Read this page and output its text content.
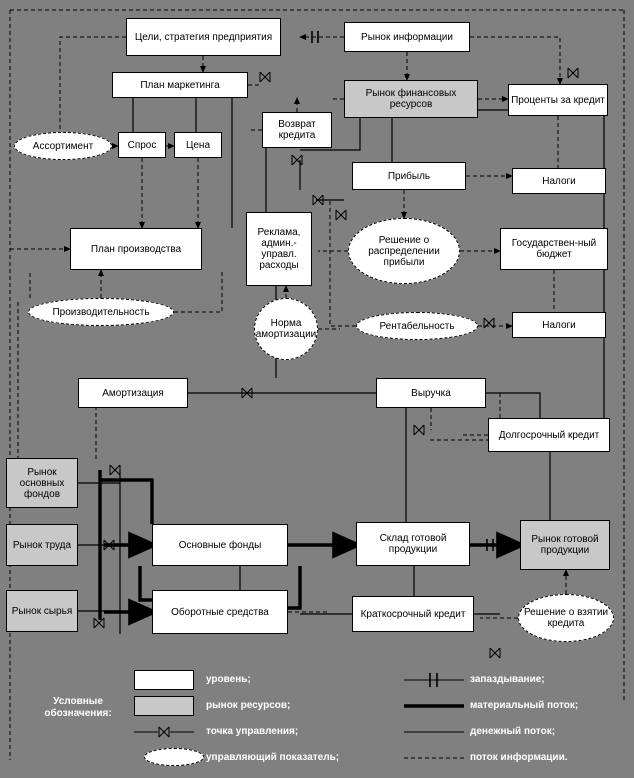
Цели, стратегия предприятия	Рынок информации
План маркетинга
Рынок финансовых ресурсов	Проценты за кредит
Ассортимент	Спрос	Цена
Возврат кредита
Прибыль	Налоги
Реклама, админ.-управл. расходы
Решение о распределении прибыли
План производства	Государствен-ный бюджет
Производительность
Норма амортизации
Рентабельность	Налоги
Амортизация	Выручка
Долгосрочный кредит
Рынок основных фондов
Рынок труда
Рынок сырья
Основные фонды
Склад готовой продукции
Рынок готовой продукции
Оборотные средства	Краткосрочный кредит	Решение о взятии кредита
Условные обозначения:
уровень;
рынок ресурсов;
точка управления;
управляющий показатель;
запаздывание;
материальный поток;
денежный поток;
поток информации.
